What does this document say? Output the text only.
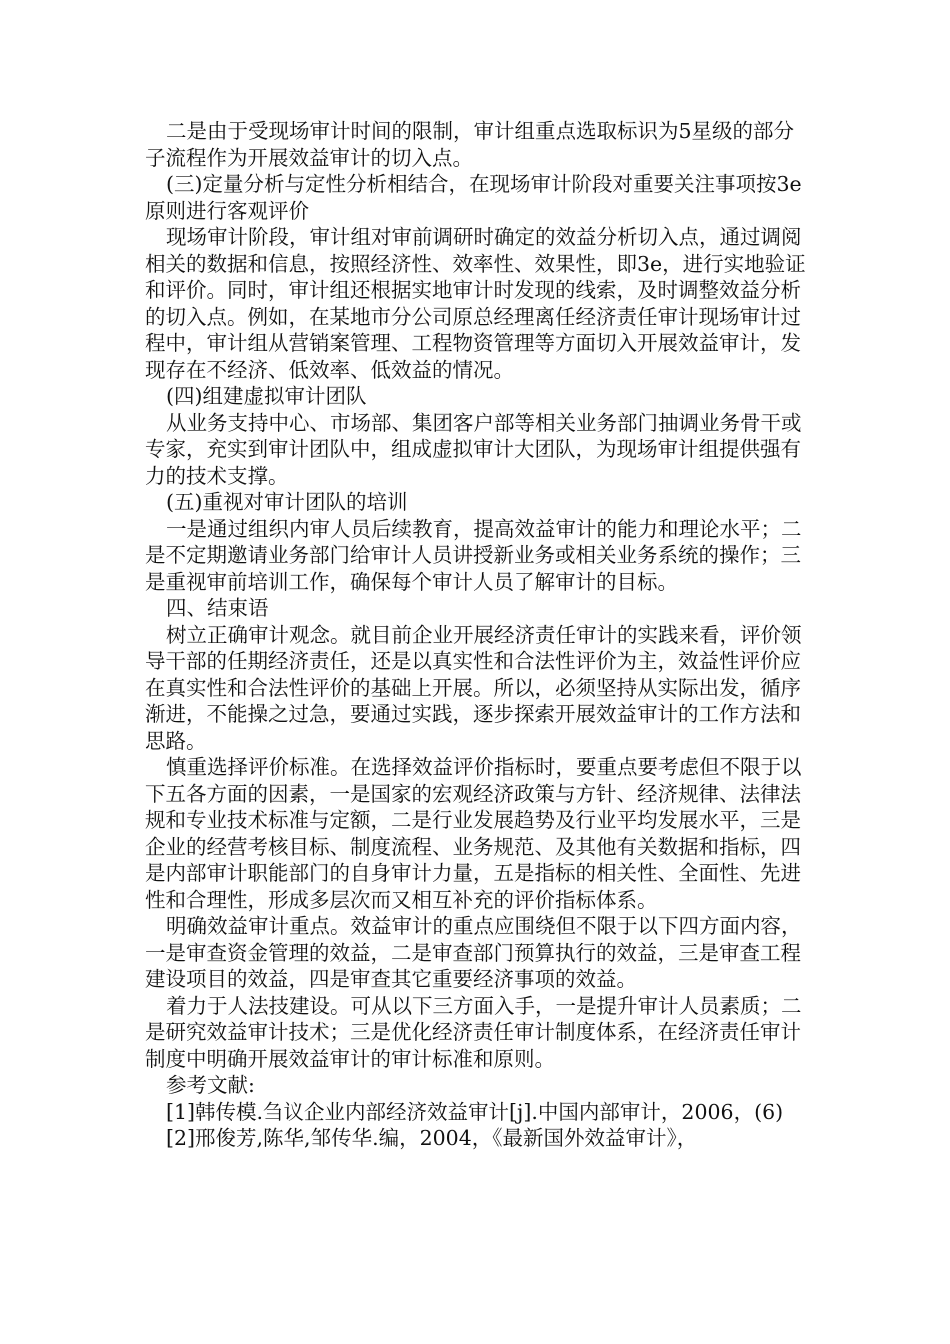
二是由于受现场审计时间的限制，审计组重点选取标识为5星级的部分子流程作为开展效益审计的切入点。

(三)定量分析与定性分析相结合，在现场审计阶段对重要关注事项按3e原则进行客观评价

现场审计阶段，审计组对审前调研时确定的效益分析切入点，通过调阅相关的数据和信息，按照经济性、效率性、效果性，即3e，进行实地验证和评价。同时，审计组还根据实地审计时发现的线索，及时调整效益分析的切入点。例如，在某地市分公司原总经理离任经济责任审计现场审计过程中，审计组从营销案管理、工程物资管理等方面切入开展效益审计，发现存在不经济、低效率、低效益的情况。

(四)组建虚拟审计团队

从业务支持中心、市场部、集团客户部等相关业务部门抽调业务骨干或专家，充实到审计团队中，组成虚拟审计大团队，为现场审计组提供强有力的技术支撑。

(五)重视对审计团队的培训

一是通过组织内审人员后续教育，提高效益审计的能力和理论水平；二是不定期邀请业务部门给审计人员讲授新业务或相关业务系统的操作；三是重视审前培训工作，确保每个审计人员了解审计的目标。

四、结束语

树立正确审计观念。就目前企业开展经济责任审计的实践来看，评价领导干部的任期经济责任，还是以真实性和合法性评价为主，效益性评价应在真实性和合法性评价的基础上开展。所以，必须坚持从实际出发，循序渐进，不能操之过急，要通过实践，逐步探索开展效益审计的工作方法和思路。

慎重选择评价标准。在选择效益评价指标时，要重点要考虑但不限于以下五各方面的因素，一是国家的宏观经济政策与方针、经济规律、法律法规和专业技术标准与定额，二是行业发展趋势及行业平均发展水平，三是企业的经营考核目标、制度流程、业务规范、及其他有关数据和指标，四是内部审计职能部门的自身审计力量，五是指标的相关性、全面性、先进性和合理性，形成多层次而又相互补充的评价指标体系。

明确效益审计重点。效益审计的重点应围绕但不限于以下四方面内容，一是审查资金管理的效益，二是审查部门预算执行的效益，三是审查工程建设项目的效益，四是审查其它重要经济事项的效益。

着力于人法技建设。可从以下三方面入手，一是提升审计人员素质；二是研究效益审计技术；三是优化经济责任审计制度体系，在经济责任审计制度中明确开展效益审计的审计标准和原则。

参考文献:

[1]韩传模.刍议企业内部经济效益审计[j].中国内部审计，2006，(6)

[2]邢俊芳,陈华,邹传华.编，2004，《最新国外效益审计》，
